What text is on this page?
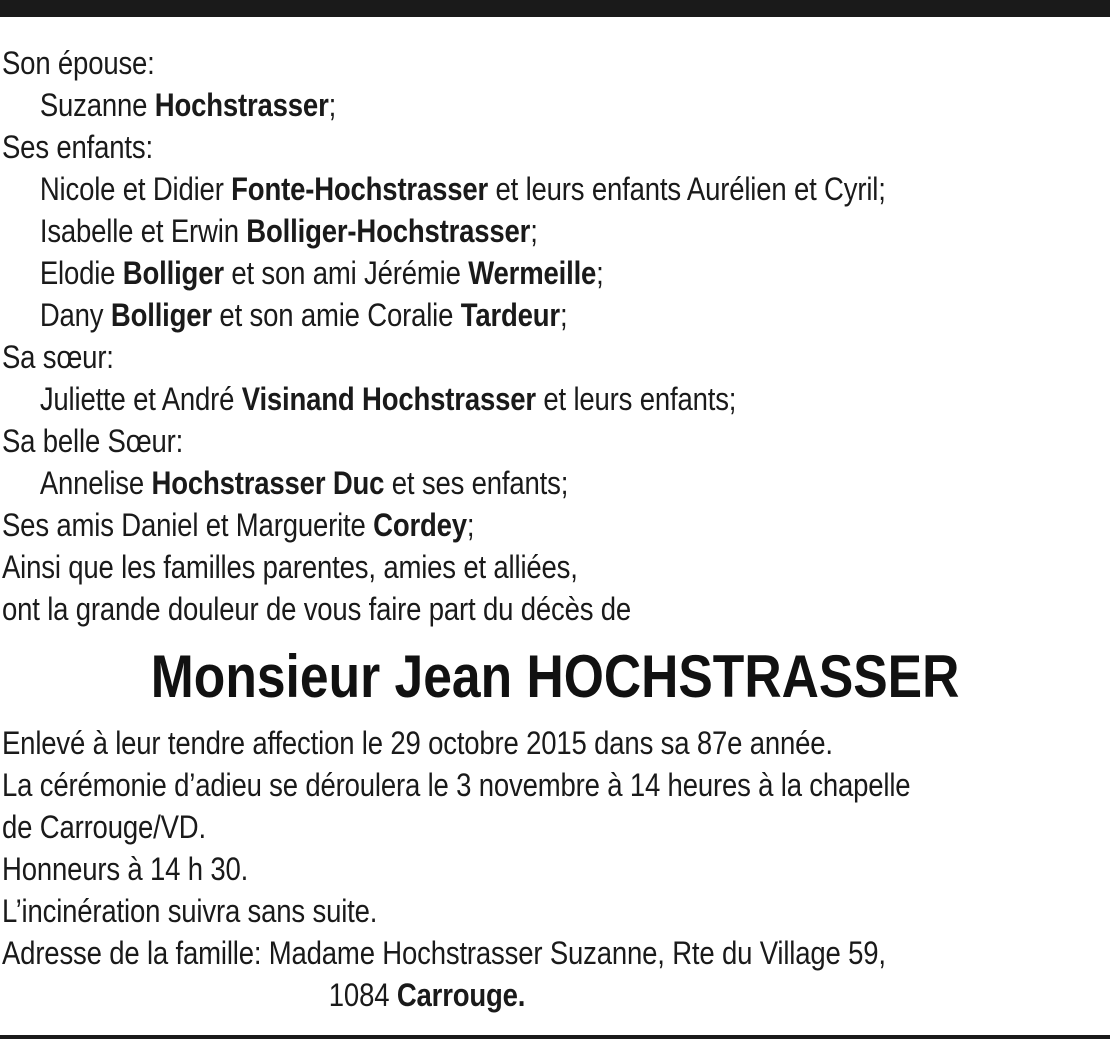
Son épouse:
Suzanne Hochstrasser;
Ses enfants:
Nicole et Didier Fonte-Hochstrasser et leurs enfants Aurélien et Cyril;
Isabelle et Erwin Bolliger-Hochstrasser;
Elodie Bolliger et son ami Jérémie Wermeille;
Dany Bolliger et son amie Coralie Tardeur;
Sa sœur:
Juliette et André Visinand Hochstrasser et leurs enfants;
Sa belle Sœur:
Annelise Hochstrasser Duc et ses enfants;
Ses amis Daniel et Marguerite Cordey;
Ainsi que les familles parentes, amies et alliées,
ont la grande douleur de vous faire part du décès de
Monsieur Jean HOCHSTRASSER
Enlevé à leur tendre affection le 29 octobre 2015 dans sa 87e année.
La cérémonie d’adieu se déroulera le 3 novembre à 14 heures à la chapelle
de Carrouge/VD.
Honneurs à 14 h 30.
L’incinération suivra sans suite.
Adresse de la famille: Madame Hochstrasser Suzanne, Rte du Village 59,
1084 Carrouge.
